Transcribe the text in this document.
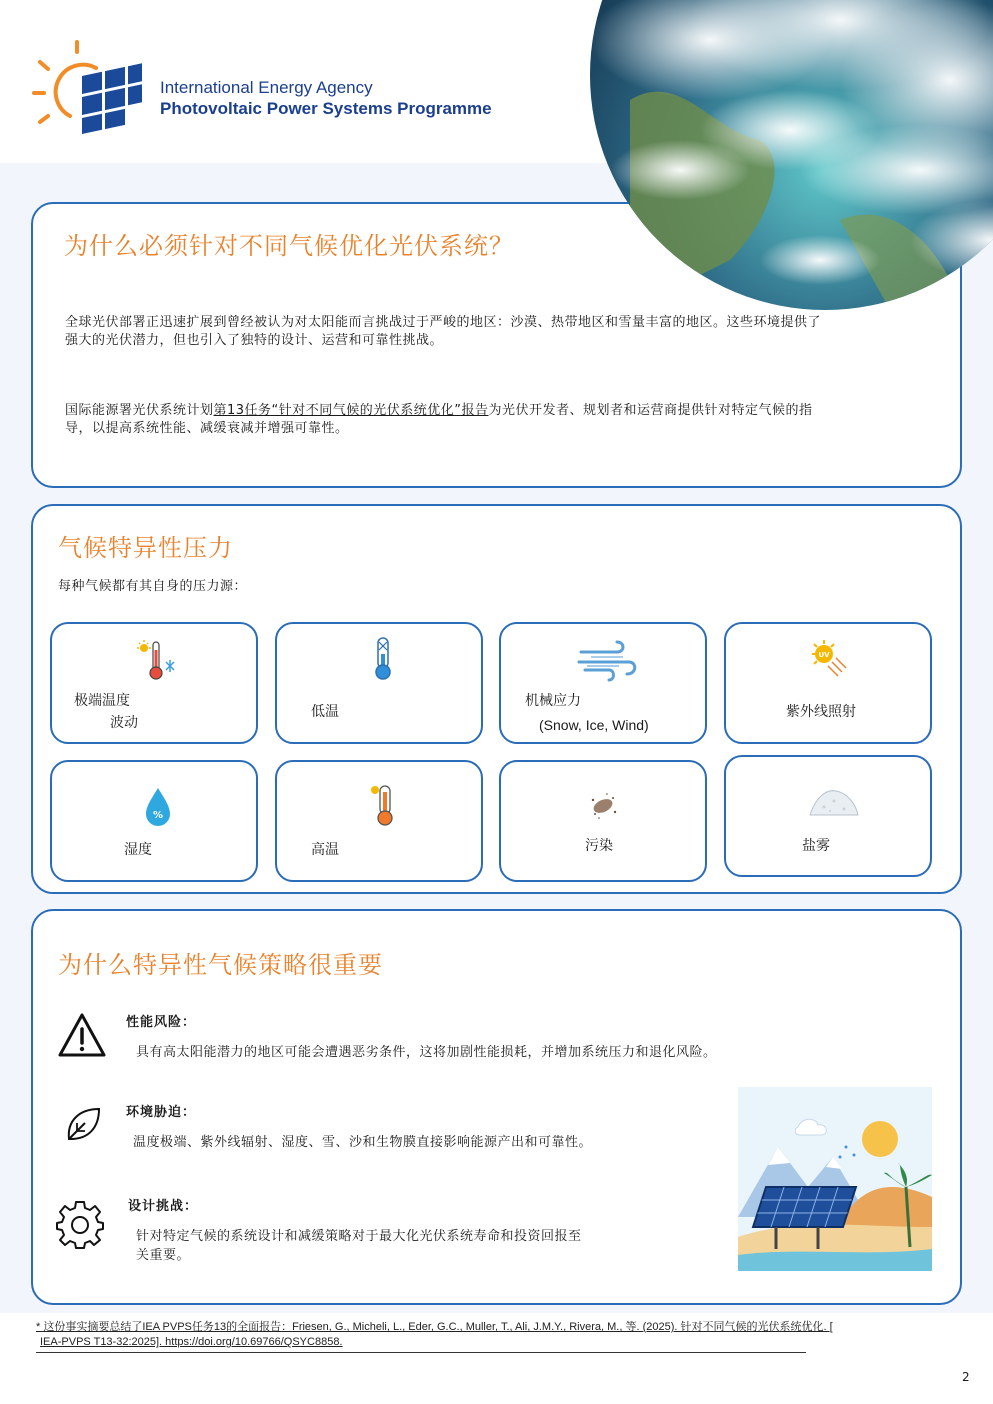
International Energy Agency
Photovoltaic Power Systems Programme
为什么必须针对不同气候优化光伏系统？
全球光伏部署正迅速扩展到曾经被认为对太阳能而言挑战过于严峻的地区：沙漠、热带地区和雪量丰富的地区。这些环境提供了
强大的光伏潜力，但也引入了独特的设计、运营和可靠性挑战。
国际能源署光伏系统计划第13任务“针对不同气候的光伏系统优化”报告为光伏开发者、规划者和运营商提供针对特定气候的指
导，以提高系统性能、减缓衰减并增强可靠性。
气候特异性压力
每种气候都有其自身的压力源：
极端温度
波动
低温
机械应力
(Snow, Ice, Wind)
UV
紫外线照射
%
湿度	高温	污染	盐雾
为什么特异性气候策略很重要
性能风险：
具有高太阳能潜力的地区可能会遭遇恶劣条件，这将加剧性能损耗，并增加系统压力和退化风险。
环境胁迫：
温度极端、紫外线辐射、湿度、雪、沙和生物膜直接影响能源产出和可靠性。
设计挑战：
针对特定气候的系统设计和减缓策略对于最大化光伏系统寿命和投资回报至
关重要。
* 这份事实摘要总结了IEA PVPS任务13的全面报告：Friesen, G., Micheli, L., Eder, G.C., Muller, T., Ali, J.M.Y., Rivera, M., 等. (2025). 针对不同气候的光伏系统优化. [
IEA-PVPS T13-32:2025]. https://doi.org/10.69766/QSYC8858.
2
